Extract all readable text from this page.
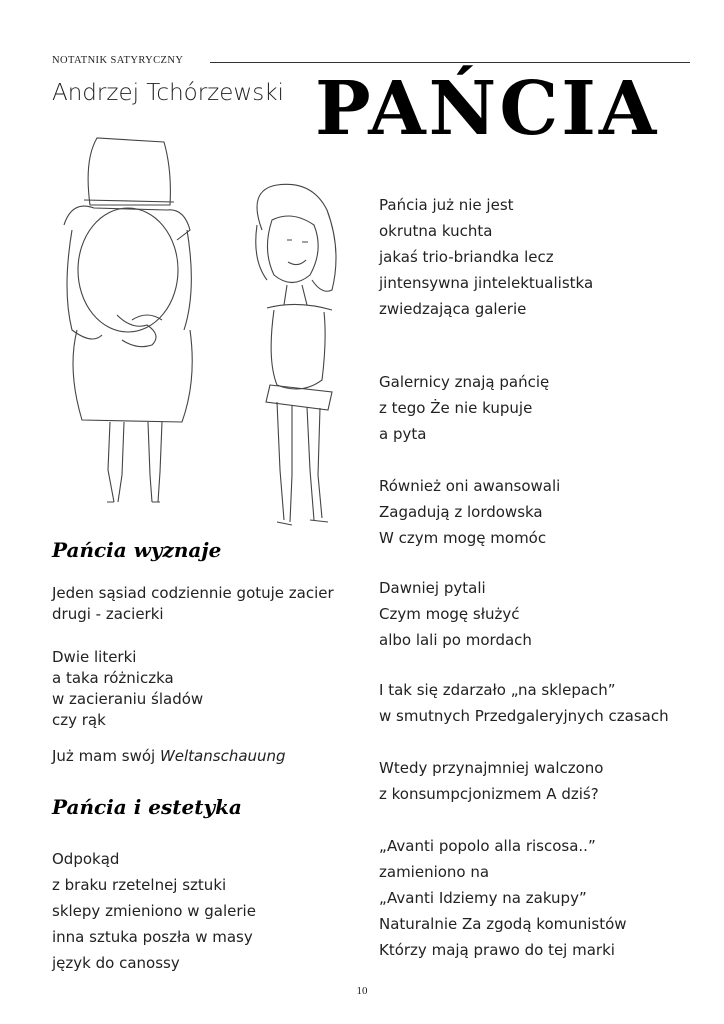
NOTATNIK SATYRYCZNY
Andrzej Tchórzewski PAŃCIA
Pańcia wyznaje
Jeden sąsiad codziennie gotuje zacier
drugi - zacierki
Dwie literki
a taka różniczka
w zacieraniu śladów
czy rąk
Już mam swój Weltanschauung
Pańcia i estetyka
Odpokąd
z braku rzetelnej sztuki
sklepy zmieniono w galerie
inna sztuka poszła w masy
język do canossy
Pańcia już nie jest
okrutna kuchta
jakaś trio-briandka lecz
jintensywna jintelektualistka
zwiedzająca galerie
Galernicy znają pańcię
z tego Że nie kupuje
a pyta
Również oni awansowali
Zagadują z lordowska
W czym mogę momóc
Dawniej pytali
Czym mogę służyć
albo lali po mordach
I tak się zdarzało „na sklepach”
w smutnych Przedgaleryjnych czasach
Wtedy przynajmniej walczono
z konsumpcjonizmem A dziś?
„Avanti popolo alla riscosa..”
zamieniono na
„Avanti Idziemy na zakupy”
Naturalnie Za zgodą komunistów
Którzy mają prawo do tej marki
10
